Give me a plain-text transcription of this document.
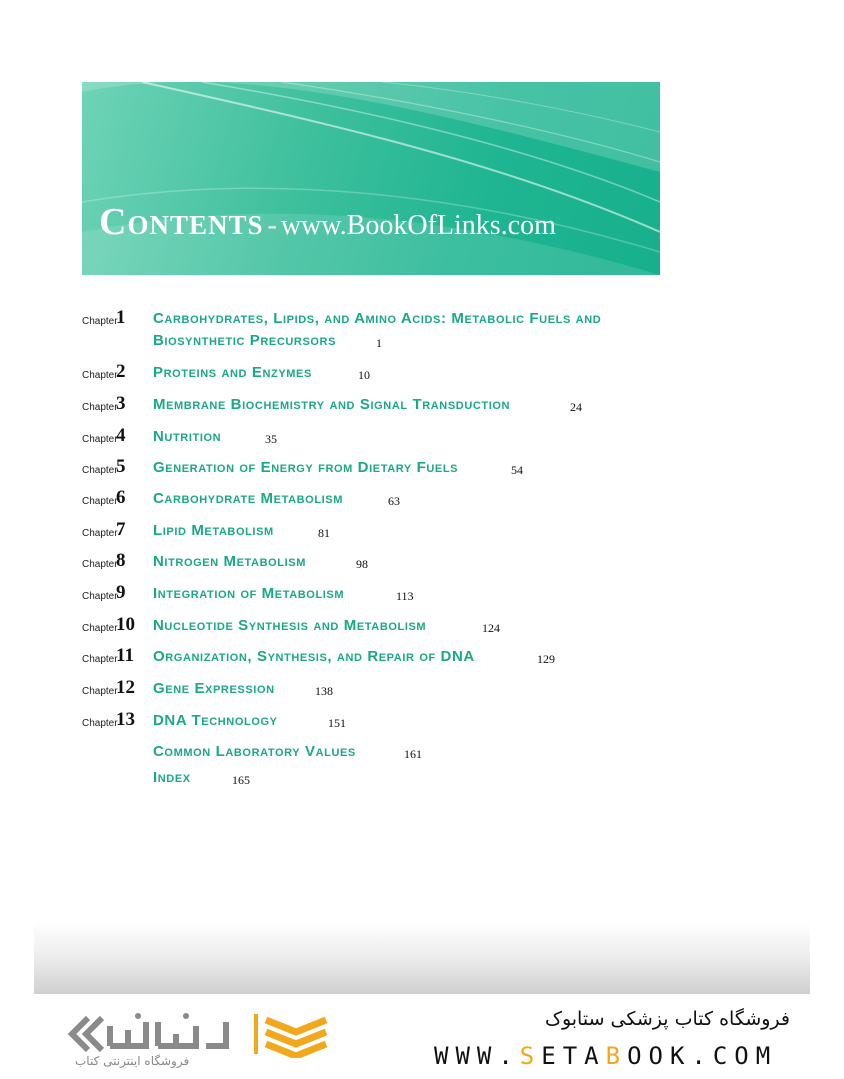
Contents - www.BookOfLinks.com
Chapter
1 Carbohydrates, Lipids, and Amino Acids: Metabolic Fuels and
Biosynthetic Precursors	1
Chapter
2 Proteins and Enzymes	10
Chapter
3 Membrane Biochemistry and Signal Transduction	24
Chapter
4 Nutrition	35
Chapter
5 Generation of Energy from Dietary Fuels	54
Chapter
6 Carbohydrate Metabolism	63
Chapter
7 Lipid Metabolism	81
Chapter
8 Nitrogen Metabolism	98
Chapter
9 Integration of Metabolism	113
Chapter
10 Nucleotide Synthesis and Metabolism	124
Chapter
11 Organization, Synthesis, and Repair of DNA	129
Chapter
12 Gene Expression	138
Chapter
13 DNA Technology	151
Common Laboratory Values	161
Index	165
فروشگاه اینترنتی کتاب
فروشگاه کتاب پزشکی ستابوک
WWW.SETABOOK.COM
